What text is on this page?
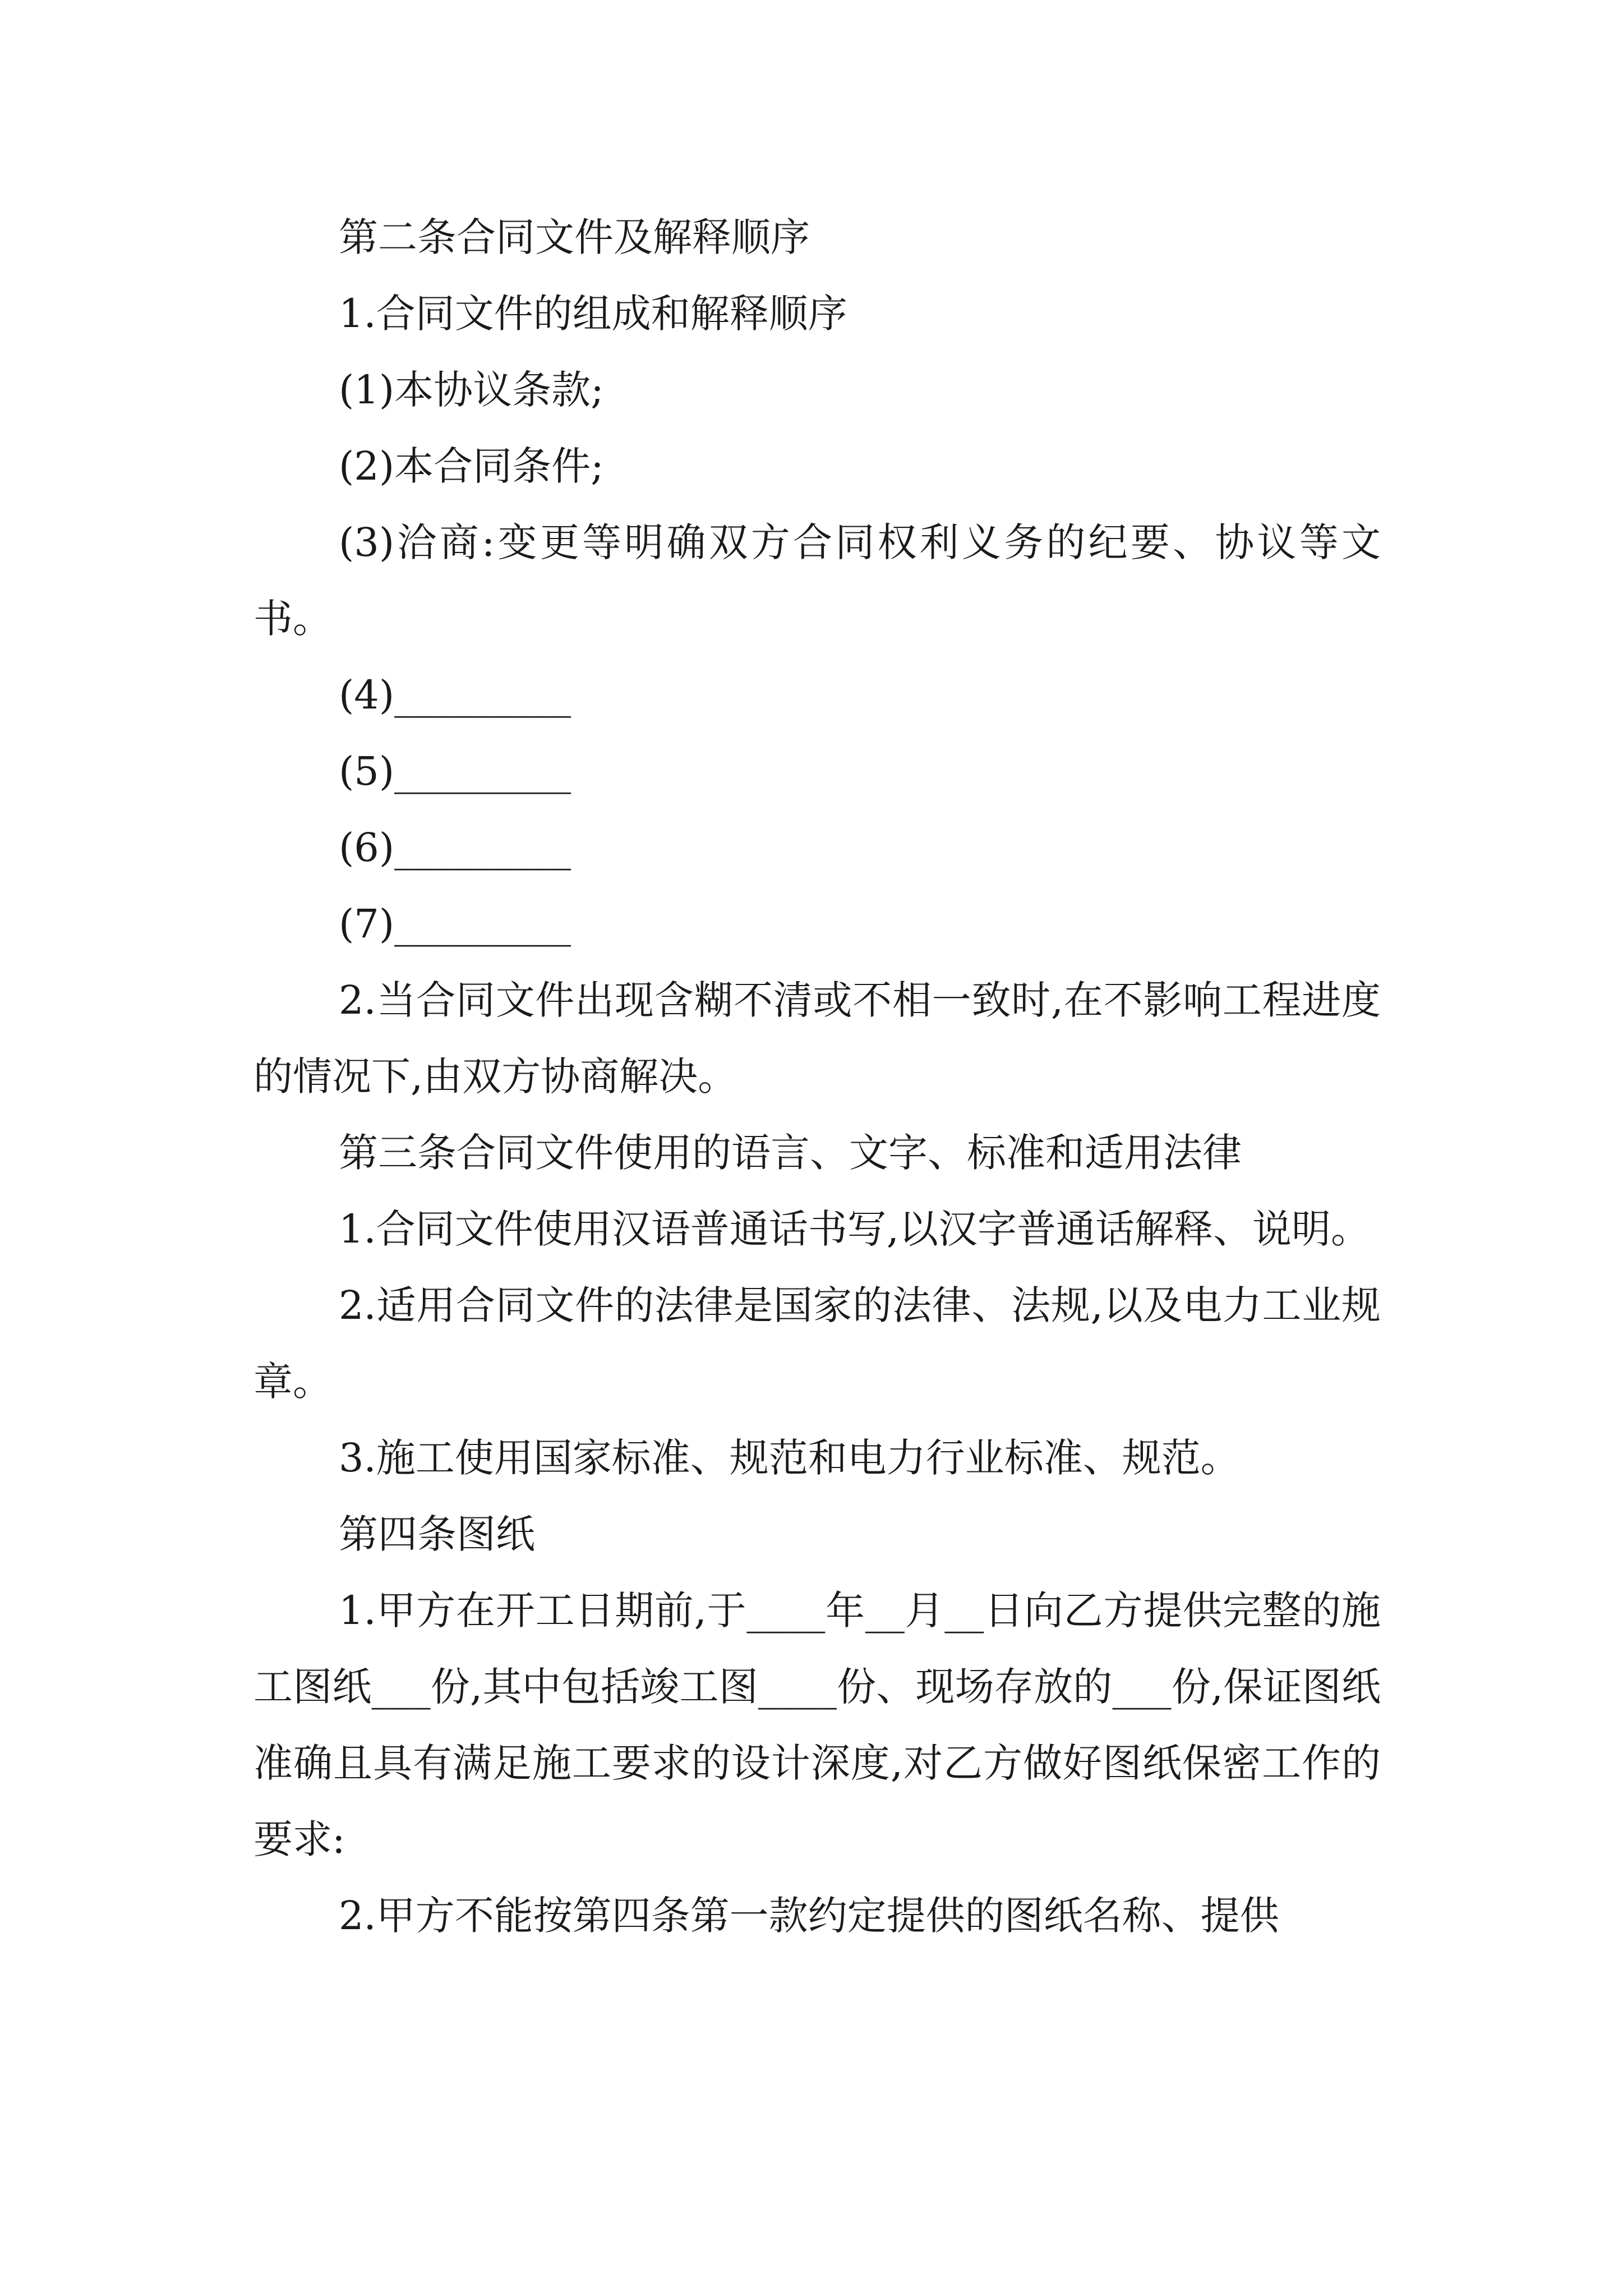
第二条合同文件及解释顺序

1.合同文件的组成和解释顺序

(1)本协议条款;

(2)本合同条件;

(3)洽商:变更等明确双方合同权利义务的纪要、协议等文书。

(4)_________

(5)_________

(6)_________

(7)_________

2.当合同文件出现含糊不清或不相一致时,在不影响工程进度的情况下,由双方协商解决。

第三条合同文件使用的语言、文字、标准和适用法律

1.合同文件使用汉语普通话书写,以汉字普通话解释、说明。

2.适用合同文件的法律是国家的法律、法规,以及电力工业规章。

3.施工使用国家标准、规范和电力行业标准、规范。

第四条图纸

1.甲方在开工日期前,于____年__月__日向乙方提供完整的施工图纸___份,其中包括竣工图____份、现场存放的___份,保证图纸准确且具有满足施工要求的设计深度,对乙方做好图纸保密工作的要求:

2.甲方不能按第四条第一款约定提供的图纸名称、提供
